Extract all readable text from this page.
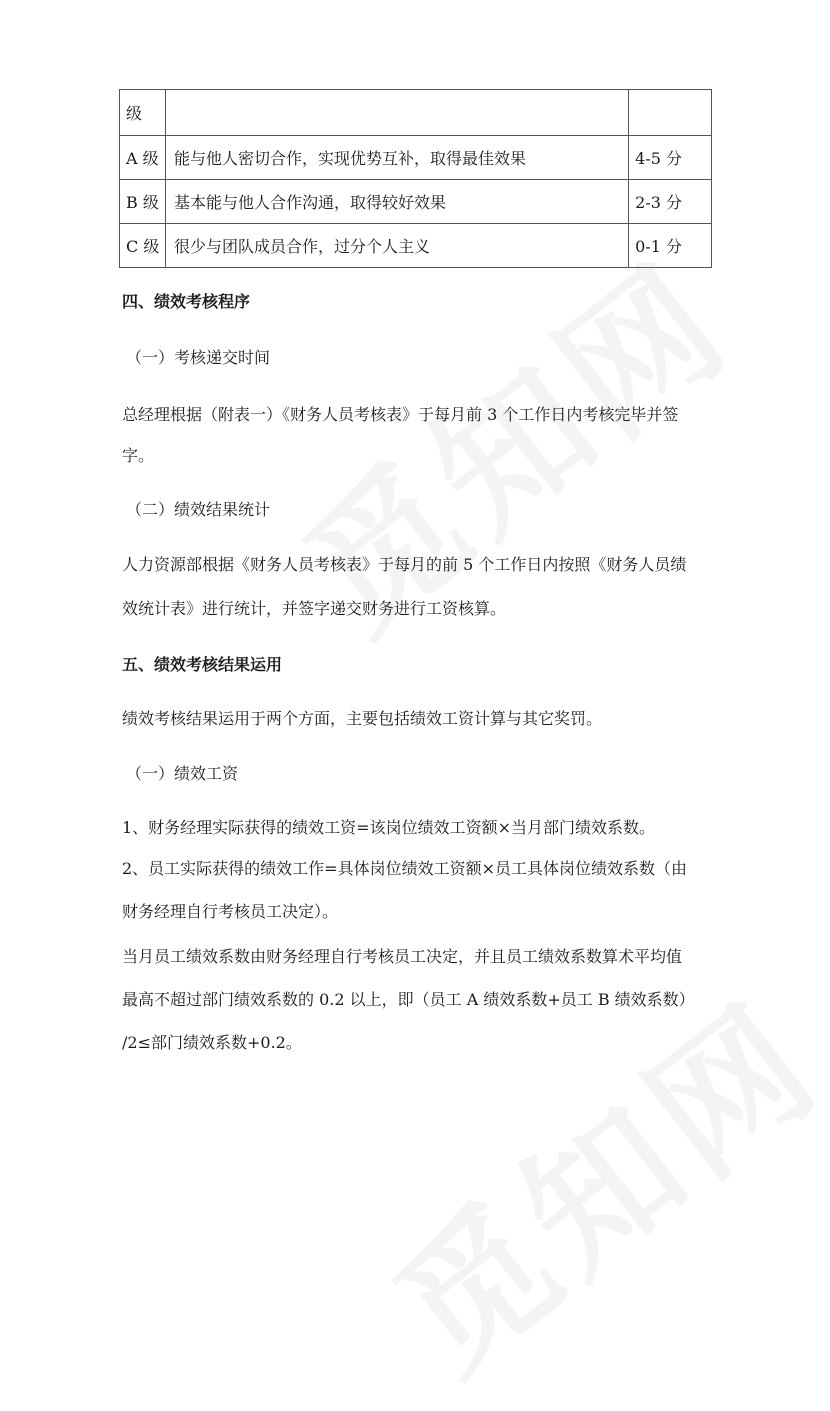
级		
A 级	能与他人密切合作，实现优势互补，取得最佳效果	4-5 分
B 级	基本能与他人合作沟通，取得较好效果	2-3 分
C 级	很少与团队成员合作，过分个人主义	0-1 分
四、绩效考核程序
（一）考核递交时间
总经理根据（附表一）《财务人员考核表》于每月前 3 个工作日内考核完毕并签
字。
（二）绩效结果统计
人力资源部根据《财务人员考核表》于每月的前 5 个工作日内按照《财务人员绩
效统计表》进行统计，并签字递交财务进行工资核算。
五、绩效考核结果运用
绩效考核结果运用于两个方面，主要包括绩效工资计算与其它奖罚。
（一）绩效工资
1、财务经理实际获得的绩效工资=该岗位绩效工资额×当月部门绩效系数。
2、员工实际获得的绩效工作=具体岗位绩效工资额×员工具体岗位绩效系数（由
财务经理自行考核员工决定）。
当月员工绩效系数由财务经理自行考核员工决定，并且员工绩效系数算术平均值
最高不超过部门绩效系数的 0.2 以上，即（员工 A 绩效系数+员工 B 绩效系数）
/2≤部门绩效系数+0.2。
